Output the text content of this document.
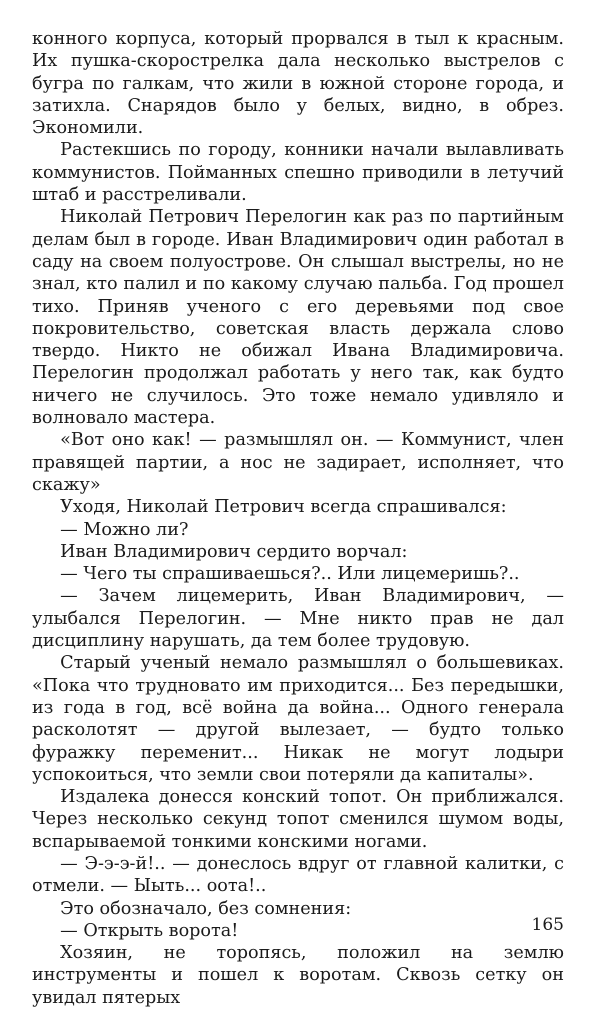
конного корпуса, который прорвался в тыл к красным. Их пушка-скорострелка дала несколько выстрелов с бугра по галкам, что жили в южной стороне города, и затихла. Снарядов было у белых, видно, в обрез. Экономили.

Растекшись по городу, конники начали вылавливать коммунистов. Пойманных спешно приводили в летучий штаб и расстреливали.

Николай Петрович Перелогин как раз по партийным делам был в городе. Иван Владимирович один работал в саду на своем полуострове. Он слышал выстрелы, но не знал, кто палил и по какому случаю пальба. Год прошел тихо. Приняв ученого с его деревьями под свое покровительство, советская власть держала слово твердо. Никто не обижал Ивана Владимировича. Перелогин продолжал работать у него так, как будто ничего не случилось. Это тоже немало удивляло и волновало мастера.

«Вот оно как! — размышлял он. — Коммунист, член правящей партии, а нос не задирает, исполняет, что скажу»

Уходя, Николай Петрович всегда спрашивался:

— Можно ли?

Иван Владимирович сердито ворчал:

— Чего ты спрашиваешься?.. Или лицемеришь?..

— Зачем лицемерить, Иван Владимирович, — улыбался Перелогин. — Мне никто прав не дал дисциплину нарушать, да тем более трудовую.

Старый ученый немало размышлял о большевиках. «Пока что трудновато им приходится... Без передышки, из года в год, всё война да война... Одного генерала расколотят — другой вылезает, — будто только фуражку переменит... Никак не могут лодыри успокоиться, что земли свои потеряли да капиталы».

Издалека донесся конский топот. Он приближался. Через несколько секунд топот сменился шумом воды, вспарываемой тонкими конскими ногами.

— Э-э-э-й!.. — донеслось вдруг от главной калитки, с отмели. — Ыыть... оота!..

Это обозначало, без сомнения:

— Открыть ворота!

Хозяин, не торопясь, положил на землю инструменты и пошел к воротам. Сквозь сетку он увидал пятерых

165
